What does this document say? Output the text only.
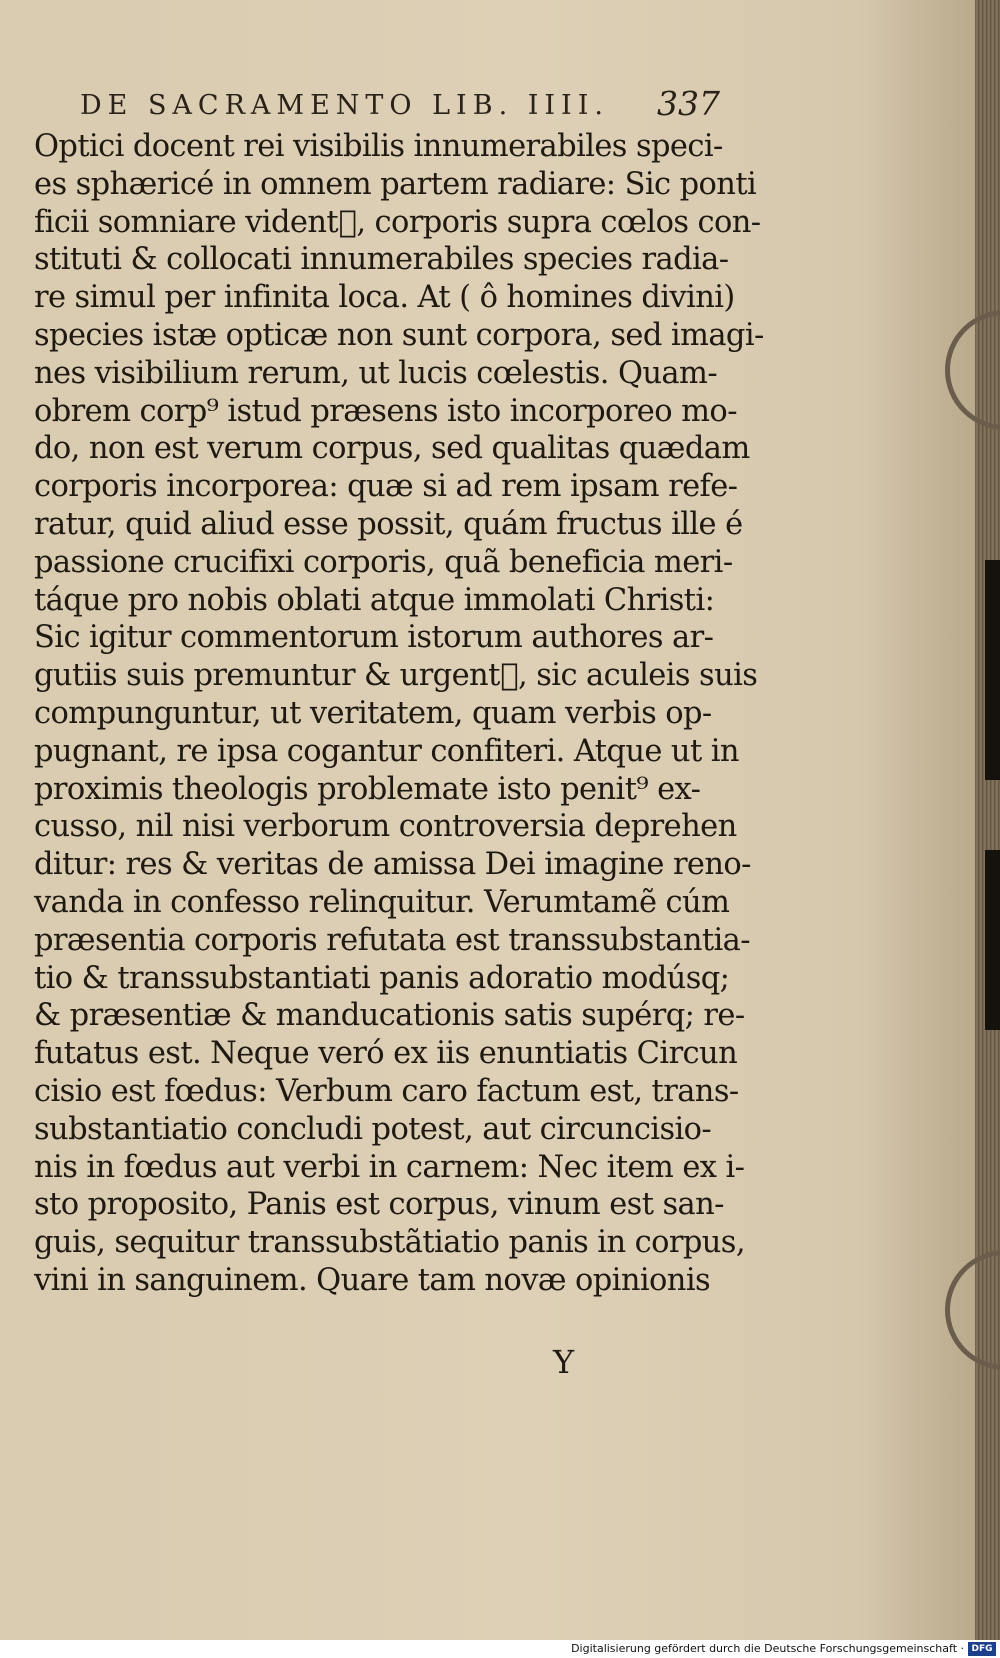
DE SACRAMENTO LIB. IIII. 337
Optici docent rei visibilis innumerabiles speci-
es sphæricé in omnem partem radiare: Sic ponti
ficii somniare vident᷑, corporis supra cœlos con-
stituti & collocati innumerabiles species radia-
re simul per infinita loca. At ( ô homines divini)
species istæ opticæ non sunt corpora, sed imagi-
nes visibilium rerum, ut lucis cœlestis. Quam-
obrem corp⁹ istud præsens isto incorporeo mo-
do, non est verum corpus, sed qualitas quædam
corporis incorporea: quæ si ad rem ipsam refe-
ratur, quid aliud esse possit, quám fructus ille é
passione crucifixi corporis, quã beneficia meri-
táque pro nobis oblati atque immolati Christi:
Sic igitur commentorum istorum authores ar-
gutiis suis premuntur & urgent᷑, sic aculeis suis
compunguntur, ut veritatem, quam verbis op-
pugnant, re ipsa cogantur confiteri. Atque ut in
proximis theologis problemate isto penit⁹ ex-
cusso, nil nisi verborum controversia deprehen
ditur: res & veritas de amissa Dei imagine reno-
vanda in confesso relinquitur. Verumtamẽ cúm
præsentia corporis refutata est transsubstantia-
tio & transsubstantiati panis adoratio modúsq;
& præsentiæ & manducationis satis supérq; re-
futatus est. Neque veró ex iis enuntiatis Circun
cisio est fœdus: Verbum caro factum est, trans-
substantiatio concludi potest, aut circuncisio-
nis in fœdus aut verbi in carnem: Nec item ex i-
sto proposito, Panis est corpus, vinum est san-
guis, sequitur transsubstãtiatio panis in corpus,
vini in sanguinem. Quare tam novæ opinionis
Y
Digitalisierung gefördert durch die Deutsche Forschungsgemeinschaft · DFG
